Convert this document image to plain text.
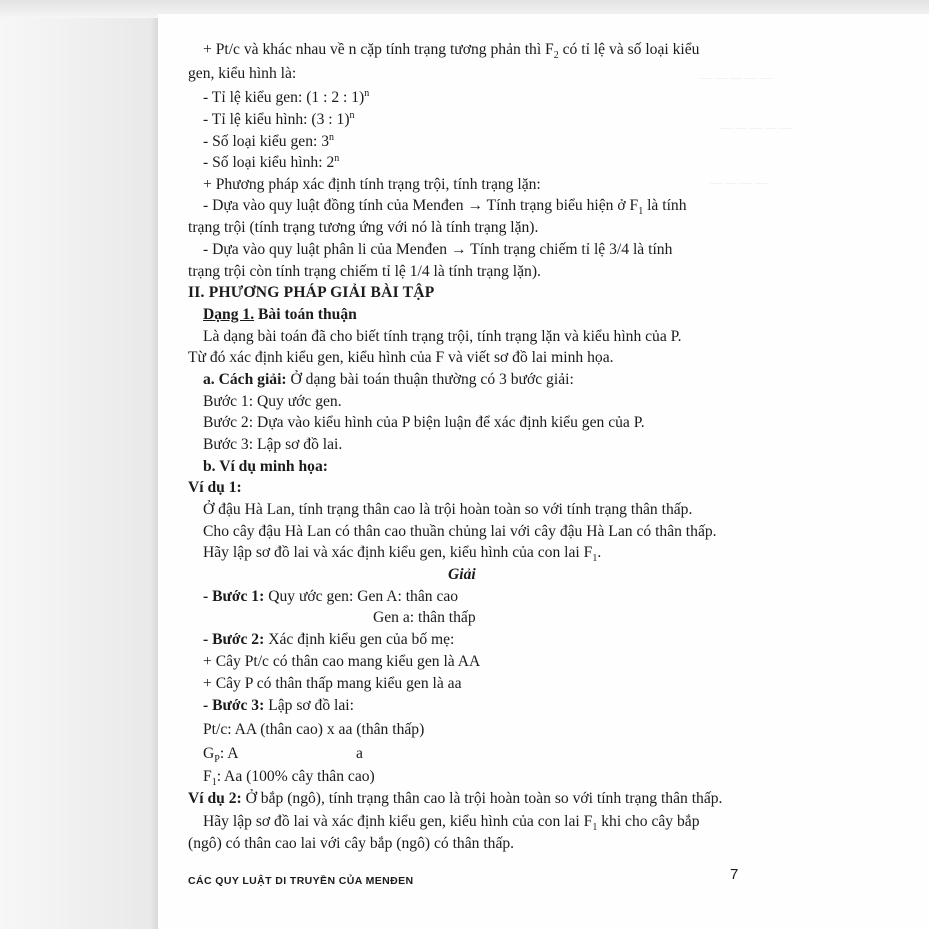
— — — — —
— — — — —
— — — —
+ Pt/c và khác nhau về n cặp tính trạng tương phản thì $F_2$ có tỉ lệ và số loại kiểu
gen, kiểu hình là:
- Tỉ lệ kiểu gen: (1 : 2 : 1)$^n$
- Tỉ lệ kiểu hình: (3 : 1)$^n$
- Số loại kiểu gen: 3$^n$
- Số loại kiểu hình: $2^n$
+ Phương pháp xác định tính trạng trội, tính trạng lặn:
- Dựa vào quy luật đồng tính của Menđen → Tính trạng biểu hiện ở $F_1$ là tính
trạng trội (tính trạng tương ứng với nó là tính trạng lặn).
- Dựa vào quy luật phân li của Menđen → Tính trạng chiếm tỉ lệ 3/4 là tính
trạng trội còn tính trạng chiếm tỉ lệ 1/4 là tính trạng lặn).
II. PHƯƠNG PHÁP GIẢI BÀI TẬP
Dạng 1. Bài toán thuận
Là dạng bài toán đã cho biết tính trạng trội, tính trạng lặn và kiểu hình của P.
Từ đó xác định kiểu gen, kiểu hình của F và viết sơ đồ lai minh họa.
a. Cách giải: Ở dạng bài toán thuận thường có 3 bước giải:
Bước 1: Quy ước gen.
Bước 2: Dựa vào kiểu hình của P biện luận để xác định kiểu gen của P.
Bước 3: Lập sơ đồ lai.
b. Ví dụ minh họa:
Ví dụ 1:
Ở đậu Hà Lan, tính trạng thân cao là trội hoàn toàn so với tính trạng thân thấp.
Cho cây đậu Hà Lan có thân cao thuần chủng lai với cây đậu Hà Lan có thân thấp.
Hãy lập sơ đồ lai và xác định kiểu gen, kiểu hình của con lai $F_1$.
Giải
- Bước 1: Quy ước gen: Gen A: thân cao
Gen a: thân thấp
- Bước 2: Xác định kiểu gen của bố mẹ:
+ Cây Pt/c có thân cao mang kiểu gen là AA
+ Cây P có thân thấp mang kiểu gen là aa
- Bước 3: Lập sơ đồ lai:
Pt/c: AA (thân cao) x aa (thân thấp)
$G_P$: A	a
$F_1$: Aa (100% cây thân cao)
Ví dụ 2: Ở bắp (ngô), tính trạng thân cao là trội hoàn toàn so với tính trạng thân thấp.
Hãy lập sơ đồ lai và xác định kiểu gen, kiểu hình của con lai $F_1$ khi cho cây bắp
(ngô) có thân cao lai với cây bắp (ngô) có thân thấp.
CÁC QUY LUẬT DI TRUYỀN CỦA MENĐEN	7
